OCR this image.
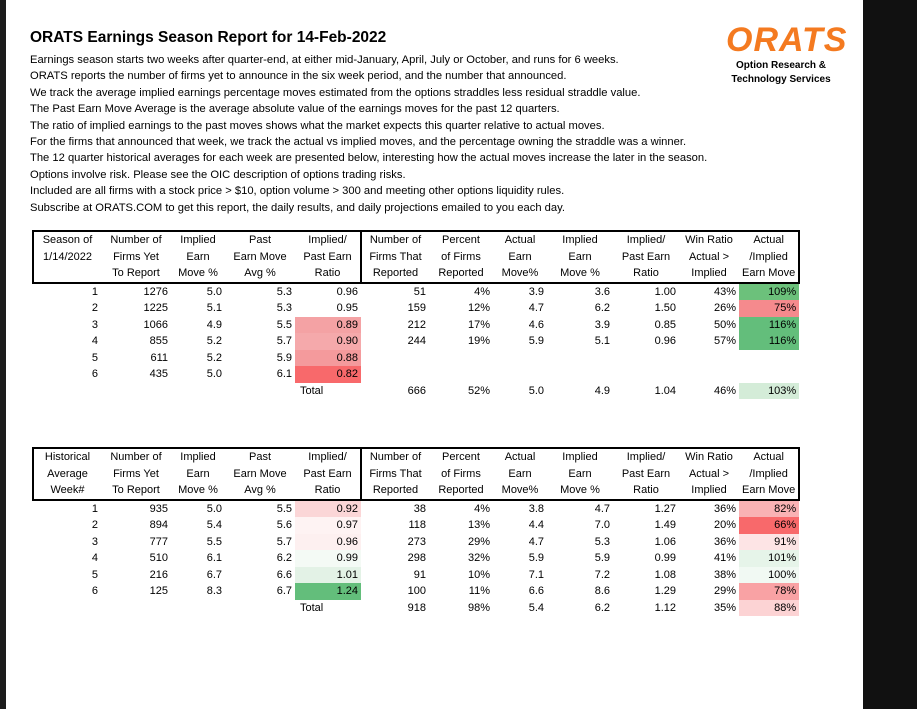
ORATS Earnings Season Report for 14-Feb-2022
Earnings season starts two weeks after quarter-end, at either mid-January, April, July or October, and runs for 6 weeks.
ORATS reports the number of firms yet to announce in the six week period, and the number that announced.
We track the average implied earnings percentage moves estimated from the options straddles less residual straddle value.
The Past Earn Move Average is the average absolute value of the earnings moves for the past 12 quarters.
The ratio of implied earnings to the past moves shows what the market expects this quarter relative to actual moves.
For the firms that announced that week, we track the actual vs implied moves, and the percentage owning the straddle was a winner.
The 12 quarter historical averages for each week are presented below, interesting how the actual moves increase the later in the season.
Options involve risk. Please see the OIC description of options trading risks.
Included are all firms with a stock price > $10, option volume > 300 and meeting other options liquidity rules.
Subscribe at ORATS.COM to get this report, the daily results, and daily projections emailed to you each day.
ORATS
Option Research &
Technology Services
Season of	Number of	Implied	Past	Implied/	Number of	Percent	Actual	Implied	Implied/	Win Ratio	Actual
1/14/2022	Firms Yet	Earn	Earn Move	Past Earn	Firms That	of Firms	Earn	Earn	Past Earn	Actual >	/Implied
	To Report	Move %	Avg %	Ratio	Reported	Reported	Move%	Move %	Ratio	Implied	Earn Move
1	1276	5.0	5.3	0.96	51	4%	3.9	3.6	1.00	43%	109%
2	1225	5.1	5.3	0.95	159	12%	4.7	6.2	1.50	26%	75%
3	1066	4.9	5.5	0.89	212	17%	4.6	3.9	0.85	50%	116%
4	855	5.2	5.7	0.90	244	19%	5.9	5.1	0.96	57%	116%
5	611	5.2	5.9	0.88							
6	435	5.0	6.1	0.82							
				Total	666	52%	5.0	4.9	1.04	46%	103%
Historical	Number of	Implied	Past	Implied/	Number of	Percent	Actual	Implied	Implied/	Win Ratio	Actual
Average	Firms Yet	Earn	Earn Move	Past Earn	Firms That	of Firms	Earn	Earn	Past Earn	Actual >	/Implied
Week#	To Report	Move %	Avg %	Ratio	Reported	Reported	Move%	Move %	Ratio	Implied	Earn Move
1	935	5.0	5.5	0.92	38	4%	3.8	4.7	1.27	36%	82%
2	894	5.4	5.6	0.97	118	13%	4.4	7.0	1.49	20%	66%
3	777	5.5	5.7	0.96	273	29%	4.7	5.3	1.06	36%	91%
4	510	6.1	6.2	0.99	298	32%	5.9	5.9	0.99	41%	101%
5	216	6.7	6.6	1.01	91	10%	7.1	7.2	1.08	38%	100%
6	125	8.3	6.7	1.24	100	11%	6.6	8.6	1.29	29%	78%
				Total	918	98%	5.4	6.2	1.12	35%	88%
